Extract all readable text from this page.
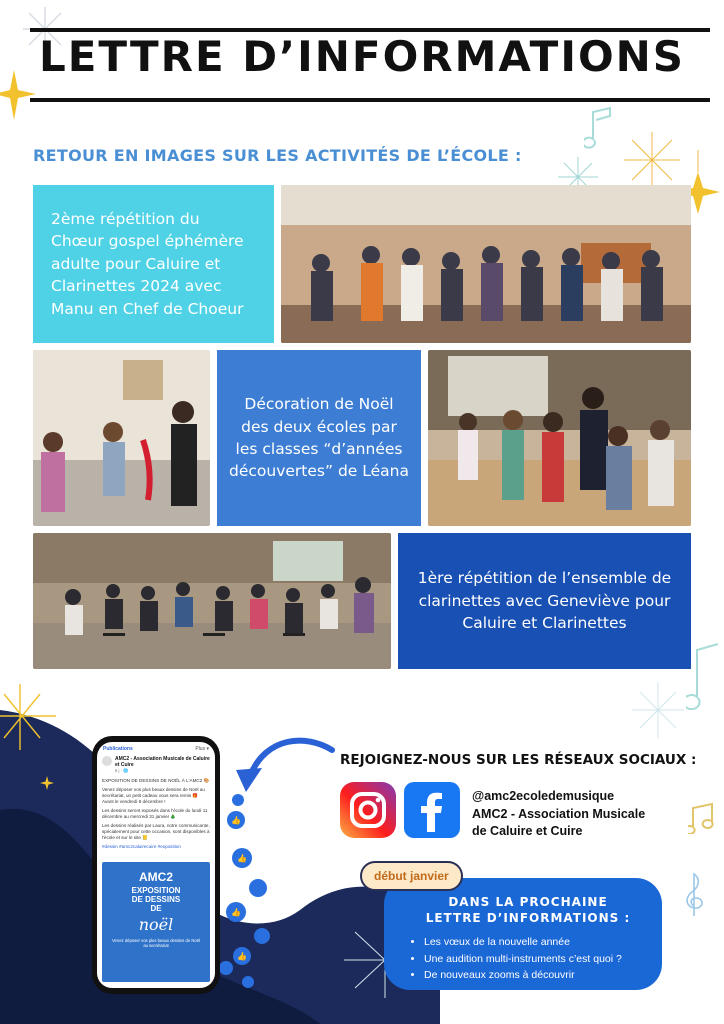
LETTRE D’INFORMATIONS
RETOUR EN IMAGES SUR LES ACTIVITÉS DE L’ÉCOLE :
2ème répétition du Chœur gospel éphémère adulte pour Caluire et Clarinettes 2024 avec Manu en Chef de Choeur
Décoration de Noël des deux écoles par les classes “d’années découvertes” de Léana
1ère répétition de l’ensemble de clarinettes avec Geneviève pour Caluire et Clarinettes
👍
👍
👍
👍
Publications	Plus ▾
AMC2 - Association Musicale de Caluire et Cuire
6 j · 🌐
EXPOSITION DE DESSINS DE NOËL À L'AMC2 🎨
Venez déposer vos plus beaux dessins de Noël au secrétariat, un petit cadeau vous sera remis 🎁 Avant le vendredi 8 décembre !
Les dessins seront exposés dans l'école du lundi 11 décembre au mercredi 31 janvier 🎄
Les dessins réalisés par Laura, notre communicante, spécialement pour cette occasion, sont disponibles à l'école et sur le site 📒
#dessin #amc2caluirecuire #exposition
AMC2
EXPOSITION
DE DESSINS
DE
noël
Venez déposer vos plus beaux dessins de Noël au secrétariat
REJOIGNEZ-NOUS SUR LES RÉSEAUX SOCIAUX :
@amc2ecoledemusique
AMC2 - Association Musicale
de Caluire et Cuire
DANS LA PROCHAINE
LETTRE D’INFORMATIONS :
• Les vœux de la nouvelle année
• Une audition multi-instruments c’est quoi ?
• De nouveaux zooms à découvrir
début janvier
